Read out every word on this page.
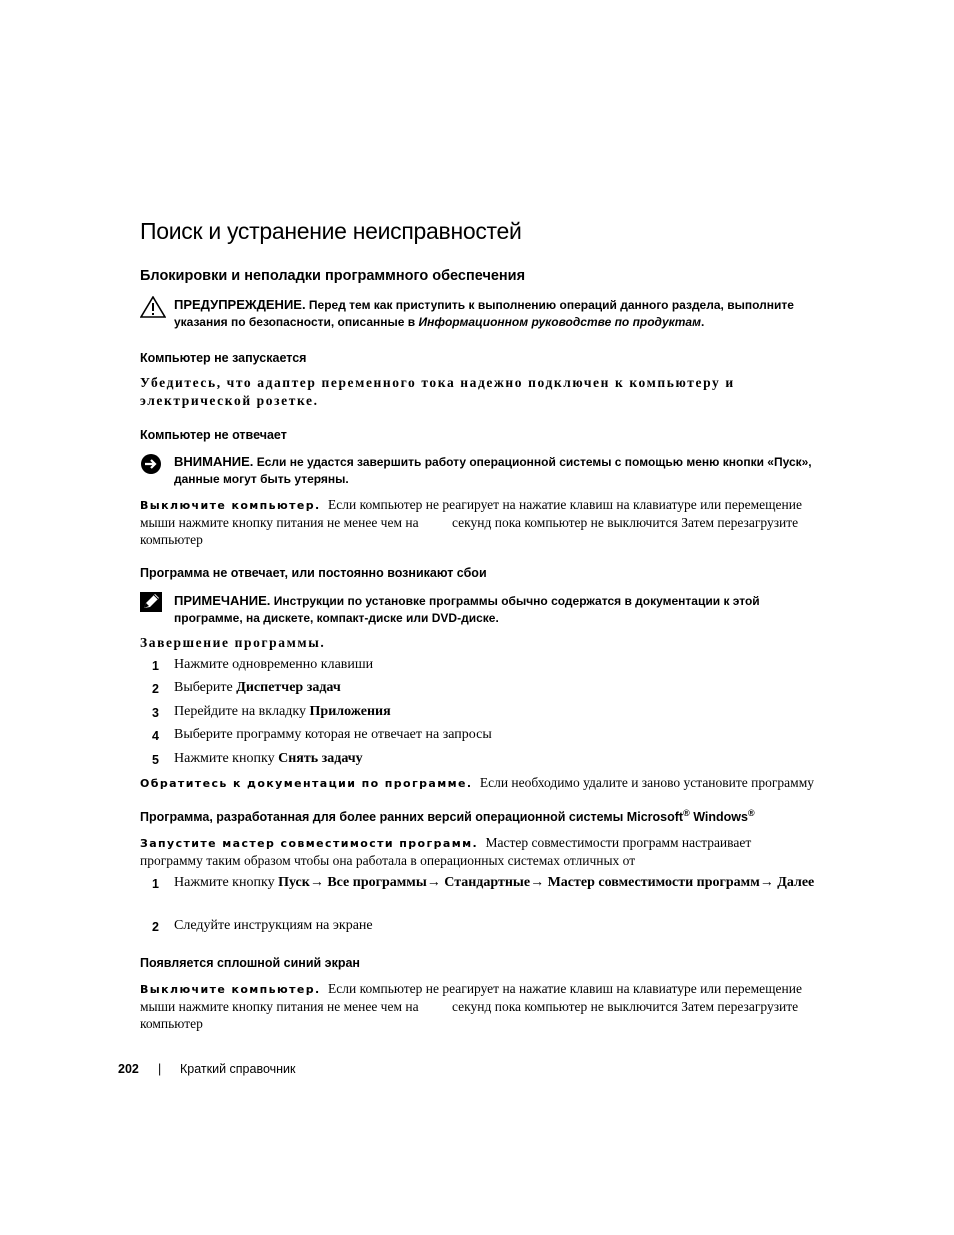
Поиск и устранение неисправностей
Блокировки и неполадки программного обеспечения
ПРЕДУПРЕЖДЕНИЕ. Перед тем как приступить к выполнению операций данного раздела, выполните указания по безопасности, описанные в Информационном руководстве по продуктам.
Компьютер не запускается
Убедитесь, что адаптер переменного тока надежно подключен к компьютеру и электрической розетке.
Компьютер не отвечает
ВНИМАНИЕ. Если не удастся завершить работу операционной системы с помощью меню кнопки «Пуск», данные могут быть утеряны.
Выключите компьютер. Если компьютер не реагирует на нажатие клавиш на клавиатуре или перемещение мыши нажмите кнопку питания не менее чем на секунд пока компьютер не выключится Затем перезагрузите компьютер
Программа не отвечает, или постоянно возникают сбои
ПРИМЕЧАНИЕ. Инструкции по установке программы обычно содержатся в документации к этой программе, на дискете, компакт-диске или DVD-диске.
Завершение программы.
1 Нажмите одновременно клавиши
2 Выберите Диспетчер задач
3 Перейдите на вкладку Приложения
4 Выберите программу которая не отвечает на запросы
5 Нажмите кнопку Снять задачу
Обратитесь к документации по программе. Если необходимо удалите и заново установите программу
Программа, разработанная для более ранних версий операционной системы Microsoft® Windows®
Запустите мастер совместимости программ. Мастер совместимости программ настраивает программу таким образом чтобы она работала в операционных системах отличных от
1 Нажмите кнопку Пуск→ Все программы→ Стандартные→ Мастер совместимости программ→ Далее
2 Следуйте инструкциям на экране
Появляется сплошной синий экран
Выключите компьютер. Если компьютер не реагирует на нажатие клавиш на клавиатуре или перемещение мыши нажмите кнопку питания не менее чем на секунд пока компьютер не выключится Затем перезагрузите компьютер
202 | Краткий справочник
